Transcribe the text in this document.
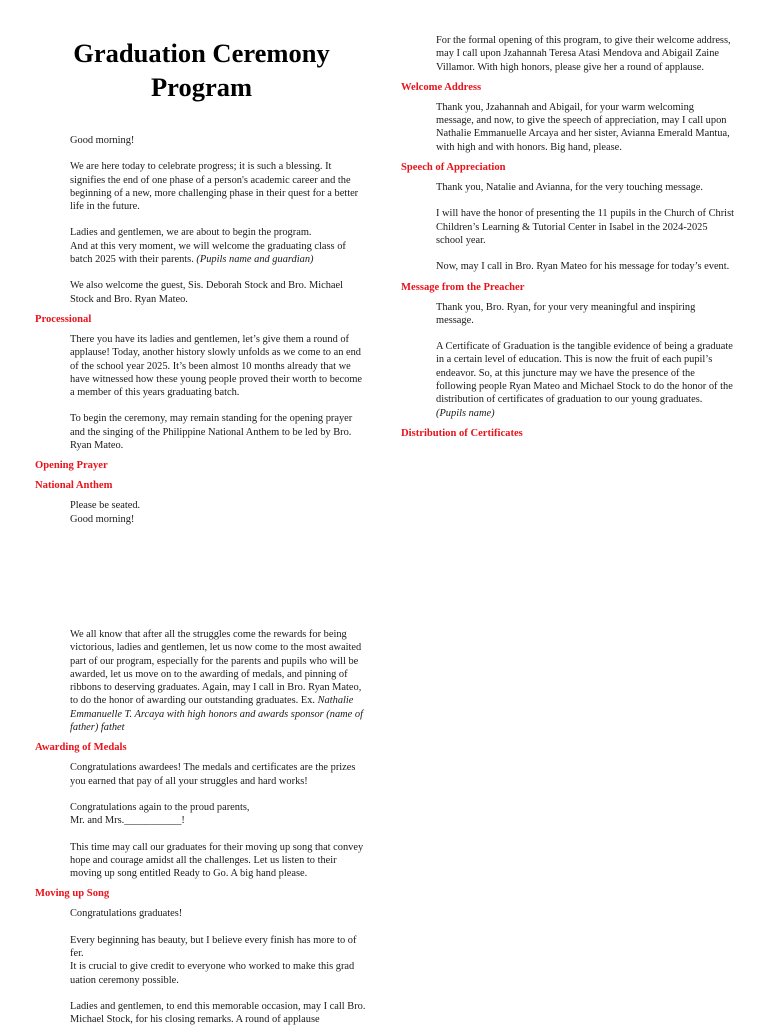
Graduation Ceremony
Program

Good morning!

We are here today to celebrate progress; it is such a blessing. It signifies the end of one phase of a person's academic career and the beginning of a new, more challenging phase in their quest for a better life in the future.

Ladies and gentlemen, we are about to begin the program.
And at this very moment, we will welcome the graduating class of batch 2025 with their parents. (Pupils name and guardian)

We also welcome the guest, Sis. Deborah Stock and Bro. Michael Stock and Bro. Ryan Mateo.

Processional

There you have its ladies and gentlemen, let’s give them a round of applause! Today, another history slowly unfolds as we come to an end of the school year 2025. It’s been almost 10 months already that we have witnessed how these young people proved their worth to become a member of this years graduating batch.

To begin the ceremony, may remain standing for the opening prayer and the singing of the Philippine National Anthem to be led by Bro. Ryan Mateo.

Opening Prayer

National Anthem

Please be seated.
Good morning!

We all know that after all the struggles come the rewards for being victorious, ladies and gentlemen, let us now come to the most awaited part of our program, especially for the parents and pupils who will be awarded, let us move on to the awarding of medals, and pinning of ribbons to deserving graduates. Again, may I call in Bro. Ryan Mateo, to do the honor of awarding our outstanding graduates. Ex. Nathalie Emmanuelle T. Arcaya with high honors and awards sponsor (name of father) fathet

Awarding of Medals

Congratulations awardees! The medals and certificates are the prizes you earned that pay of all your struggles and hard works!

Congratulations again to the proud parents, Mr. and Mrs.___________!

This time may call our graduates for their moving up song that convey hope and courage amidst all the challenges. Let us listen to their moving up song entitled Ready to Go. A big hand please.

Moving up Song

Congratulations graduates!

Every beginning has beauty, but I believe every finish has more to of fer.
It is crucial to give credit to everyone who worked to make this grad uation ceremony possible.

Ladies and gentlemen, to end this memorable occasion, may I call Bro. Michael Stock, for his closing remarks. A round of applause

For the formal opening of this program, to give their welcome address, may I call upon Jzahannah Teresa Atasi Mendova and Abigail Zaine Villamor. With high honors, please give her a round of applause.

Welcome Address

Thank you, Jzahannah and Abigail, for your warm welcoming message, and now, to give the speech of appreciation, may I call upon Nathalie Emmanuelle Arcaya and her sister, Avianna Emerald Mantua, with high and with honors. Big hand, please.

Speech of Appreciation

Thank you, Natalie and Avianna, for the very touching message.

I will have the honor of presenting the 11 pupils in the Church of Christ Children’s Learning & Tutorial Center in Isabel in the 2024-2025 school year.

Now, may I call in Bro. Ryan Mateo for his message for today’s event.

Message from the Preacher

Thank you, Bro. Ryan, for your very meaningful and inspiring message.

A Certificate of Graduation is the tangible evidence of being a graduate in a certain level of education. This is now the fruit of each pupil’s endeavor. So, at this juncture may we have the presence of the following people Ryan Mateo and Michael Stock to do the honor of the distribution of certificates of graduation to our young graduates. (Pupils name)

Distribution of Certificates
